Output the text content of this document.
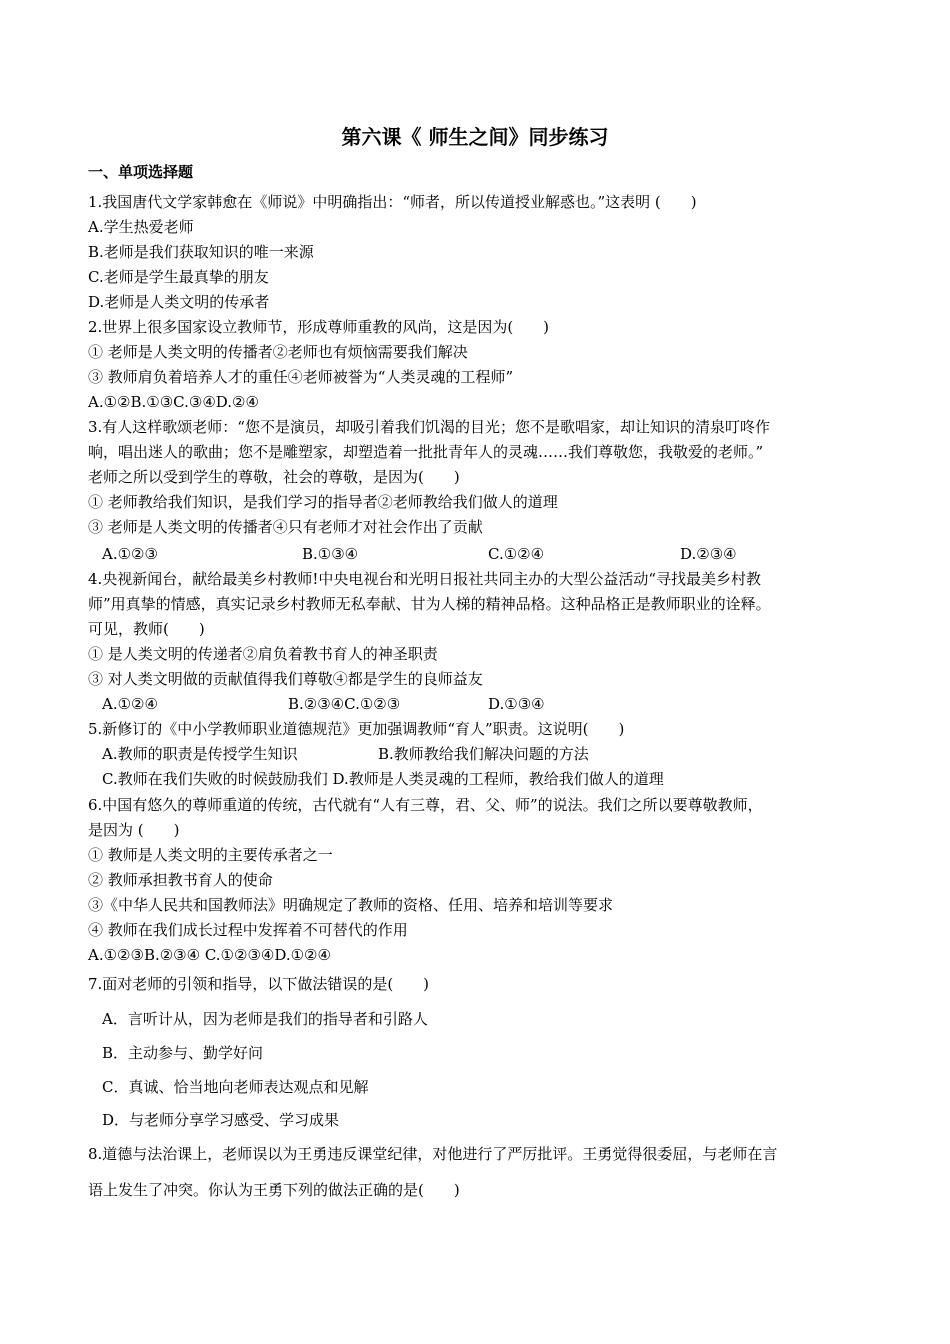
第六课《 师生之间》同步练习
一、单项选择题
1.我国唐代文学家韩愈在《师说》中明确指出：“师者，所以传道授业解惑也。”这表明 (　　)
A.学生热爱老师
B.老师是我们获取知识的唯一来源
C.老师是学生最真挚的朋友
D.老师是人类文明的传承者
2.世界上很多国家设立教师节，形成尊师重教的风尚，这是因为(　　)
① 老师是人类文明的传播者②老师也有烦恼需要我们解决
③ 教师肩负着培养人才的重任④老师被誉为“人类灵魂的工程师”
A.①②B.①③C.③④D.②④
3.有人这样歌颂老师：“您不是演员，却吸引着我们饥渴的目光；您不是歌唱家，却让知识的清泉叮咚作
响，唱出迷人的歌曲；您不是雕塑家，却塑造着一批批青年人的灵魂……我们尊敬您，我敬爱的老师。”
老师之所以受到学生的尊敬，社会的尊敬，是因为(　　)
① 老师教给我们知识，是我们学习的指导者②老师教给我们做人的道理
③ 老师是人类文明的传播者④只有老师才对社会作出了贡献
A.①②③	B.①③④	C.①②④	D.②③④
4.央视新闻台，献给最美乡村教师!中央电视台和光明日报社共同主办的大型公益活动“寻找最美乡村教
师”用真挚的情感，真实记录乡村教师无私奉献、甘为人梯的精神品格。这种品格正是教师职业的诠释。
可见，教师(　　)
① 是人类文明的传递者②肩负着教书育人的神圣职责
③ 对人类文明做的贡献值得我们尊敬④都是学生的良师益友
A.①②④	B.②③④C.①②③	D.①③④
5.新修订的《中小学教师职业道德规范》更加强调教师“育人”职责。这说明(　　)
A.教师的职责是传授学生知识	B.教师教给我们解决问题的方法
C.教师在我们失败的时候鼓励我们 D.教师是人类灵魂的工程师，教给我们做人的道理
6.中国有悠久的尊师重道的传统，古代就有“人有三尊，君、父、师”的说法。我们之所以要尊敬教师，
是因为 (　　)
① 教师是人类文明的主要传承者之一
② 教师承担教书育人的使命
③《中华人民共和国教师法》明确规定了教师的资格、任用、培养和培训等要求
④ 教师在我们成长过程中发挥着不可替代的作用
A.①②③B.②③④ C.①②③④D.①②④
7.面对老师的引领和指导，以下做法错误的是(　　)
A．言听计从，因为老师是我们的指导者和引路人
B．主动参与、勤学好问
C．真诚、恰当地向老师表达观点和见解
D．与老师分享学习感受、学习成果
8.道德与法治课上，老师误以为王勇违反课堂纪律，对他进行了严厉批评。王勇觉得很委屈，与老师在言
语上发生了冲突。你认为王勇下列的做法正确的是(　　)
